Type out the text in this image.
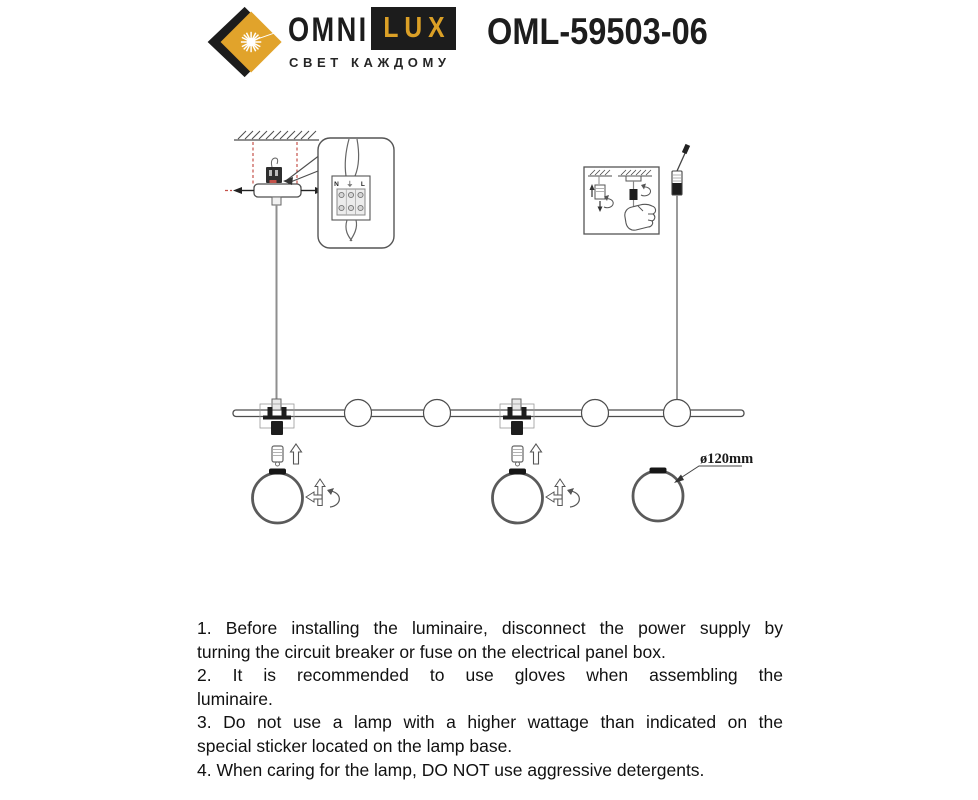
OMNI LUX
СВЕТ КАЖДОМУ
OML-59503-06
N ⏚ L
ø120mm
1. Before installing the luminaire, disconnect the power supply by
turning the circuit breaker or fuse on the electrical panel box.
2. It is recommended to use gloves when assembling the
luminaire.
3. Do not use a lamp with a higher wattage than indicated on the
special sticker located on the lamp base.
4. When caring for the lamp, DO NOT use aggressive detergents.
